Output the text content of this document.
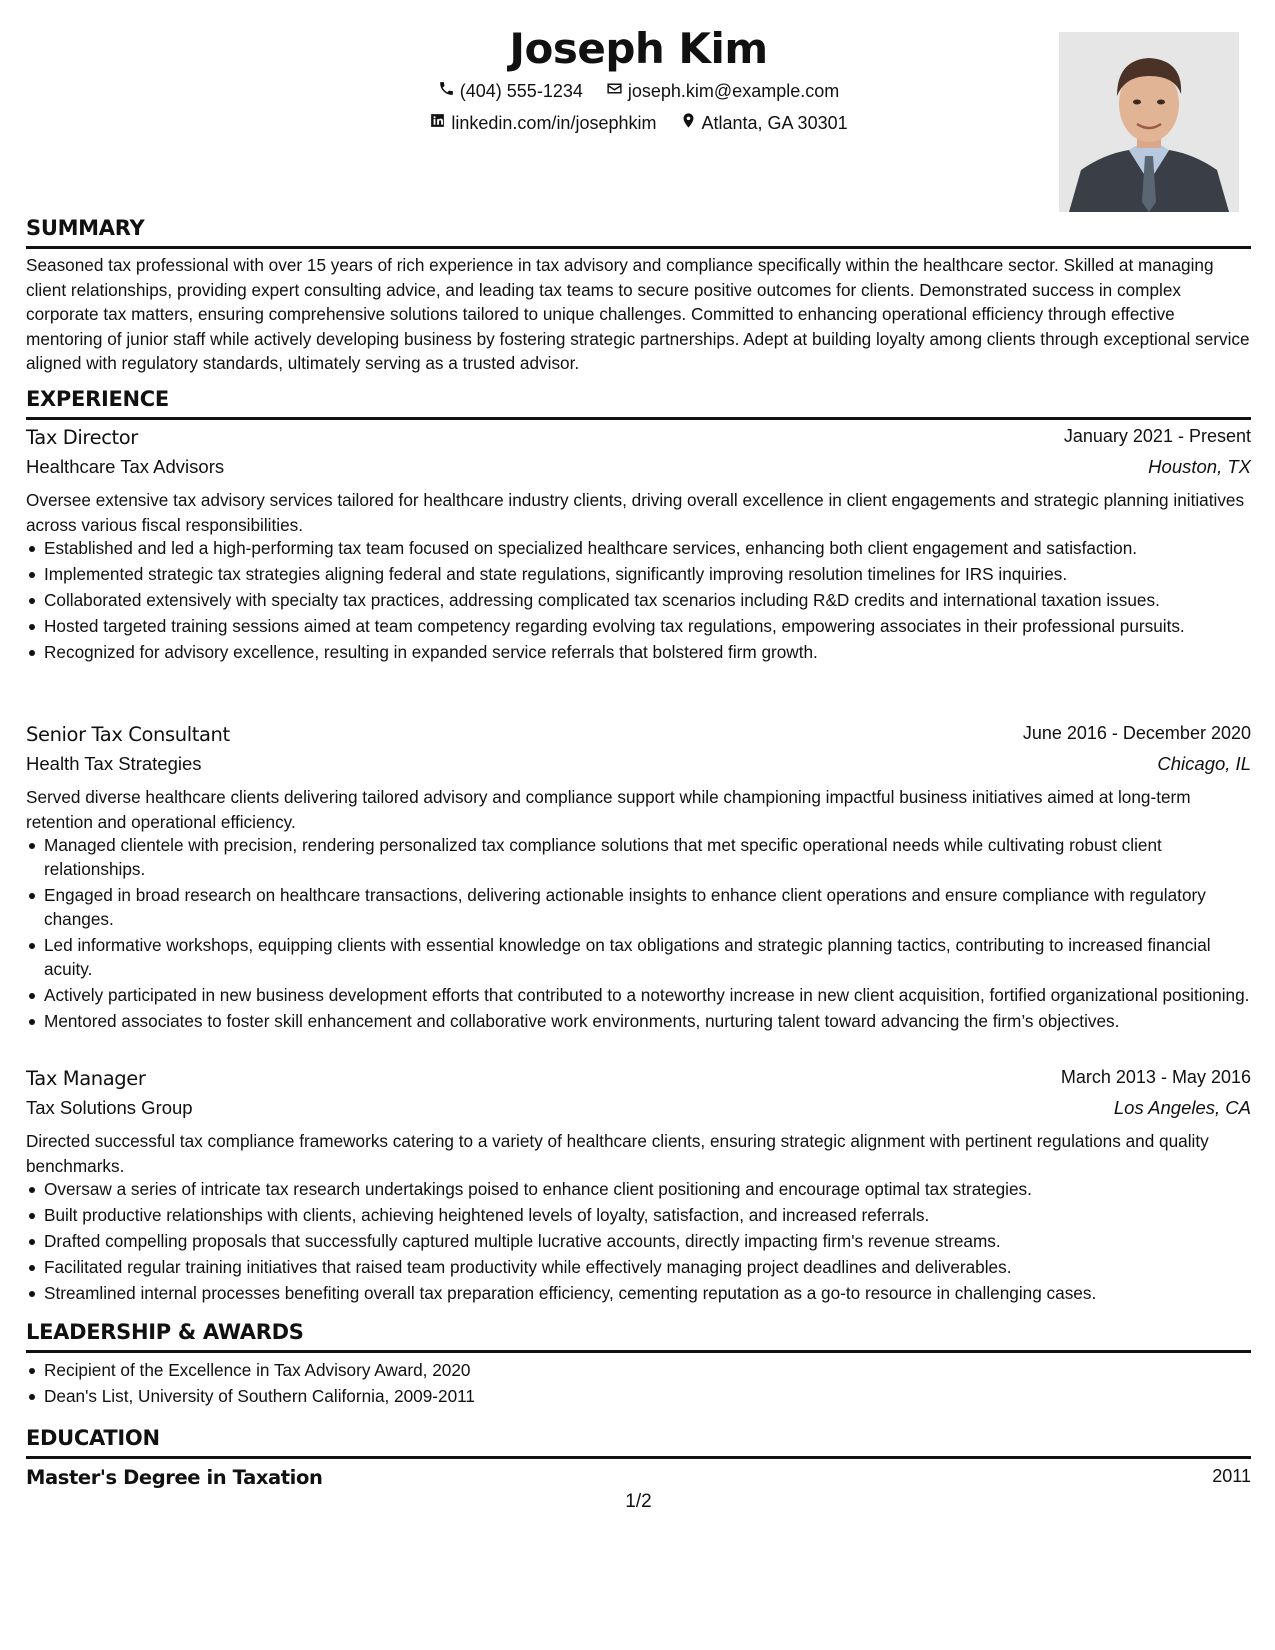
Joseph Kim
(404) 555-1234
	joseph.kim@example.com
linkedin.com/in/josephkim
	Atlanta, GA 30301
SUMMARY

Seasoned tax professional with over 15 years of rich experience in tax advisory and compliance specifically within the healthcare sector. Skilled at managing client relationships, providing expert consulting advice, and leading tax teams to secure positive outcomes for clients. Demonstrated success in complex corporate tax matters, ensuring comprehensive solutions tailored to unique challenges. Committed to enhancing operational efficiency through effective mentoring of junior staff while actively developing business by fostering strategic partnerships. Adept at building loyalty among clients through exceptional service aligned with regulatory standards, ultimately serving as a trusted advisor.

EXPERIENCE

Tax Director	January 2021 - Present

Healthcare Tax Advisors	Houston, TX

Oversee extensive tax advisory services tailored for healthcare industry clients, driving overall excellence in client engagements and strategic planning initiatives across various fiscal responsibilities.

Established and led a high-performing tax team focused on specialized healthcare services, enhancing both client engagement and satisfaction.
Implemented strategic tax strategies aligning federal and state regulations, significantly improving resolution timelines for IRS inquiries.
Collaborated extensively with specialty tax practices, addressing complicated tax scenarios including R&D credits and international taxation issues.
Hosted targeted training sessions aimed at team competency regarding evolving tax regulations, empowering associates in their professional pursuits.
Recognized for advisory excellence, resulting in expanded service referrals that bolstered firm growth.

Senior Tax Consultant	June 2016 - December 2020

Health Tax Strategies	Chicago, IL

Served diverse healthcare clients delivering tailored advisory and compliance support while championing impactful business initiatives aimed at long-term retention and operational efficiency.

Managed clientele with precision, rendering personalized tax compliance solutions that met specific operational needs while cultivating robust client relationships.
Engaged in broad research on healthcare transactions, delivering actionable insights to enhance client operations and ensure compliance with regulatory changes.
Led informative workshops, equipping clients with essential knowledge on tax obligations and strategic planning tactics, contributing to increased financial acuity.
Actively participated in new business development efforts that contributed to a noteworthy increase in new client acquisition, fortified organizational positioning.
Mentored associates to foster skill enhancement and collaborative work environments, nurturing talent toward advancing the firm’s objectives.

Tax Manager	March 2013 - May 2016

Tax Solutions Group	Los Angeles, CA

Directed successful tax compliance frameworks catering to a variety of healthcare clients, ensuring strategic alignment with pertinent regulations and quality benchmarks.

Oversaw a series of intricate tax research undertakings poised to enhance client positioning and encourage optimal tax strategies.
Built productive relationships with clients, achieving heightened levels of loyalty, satisfaction, and increased referrals.
Drafted compelling proposals that successfully captured multiple lucrative accounts, directly impacting firm's revenue streams.
Facilitated regular training initiatives that raised team productivity while effectively managing project deadlines and deliverables.
Streamlined internal processes benefiting overall tax preparation efficiency, cementing reputation as a go-to resource in challenging cases.
LEADERSHIP & AWARDS
Recipient of the Excellence in Tax Advisory Award, 2020
Dean's List, University of Southern California, 2009-2011
EDUCATION

Master's Degree in Taxation	2011

1/2
